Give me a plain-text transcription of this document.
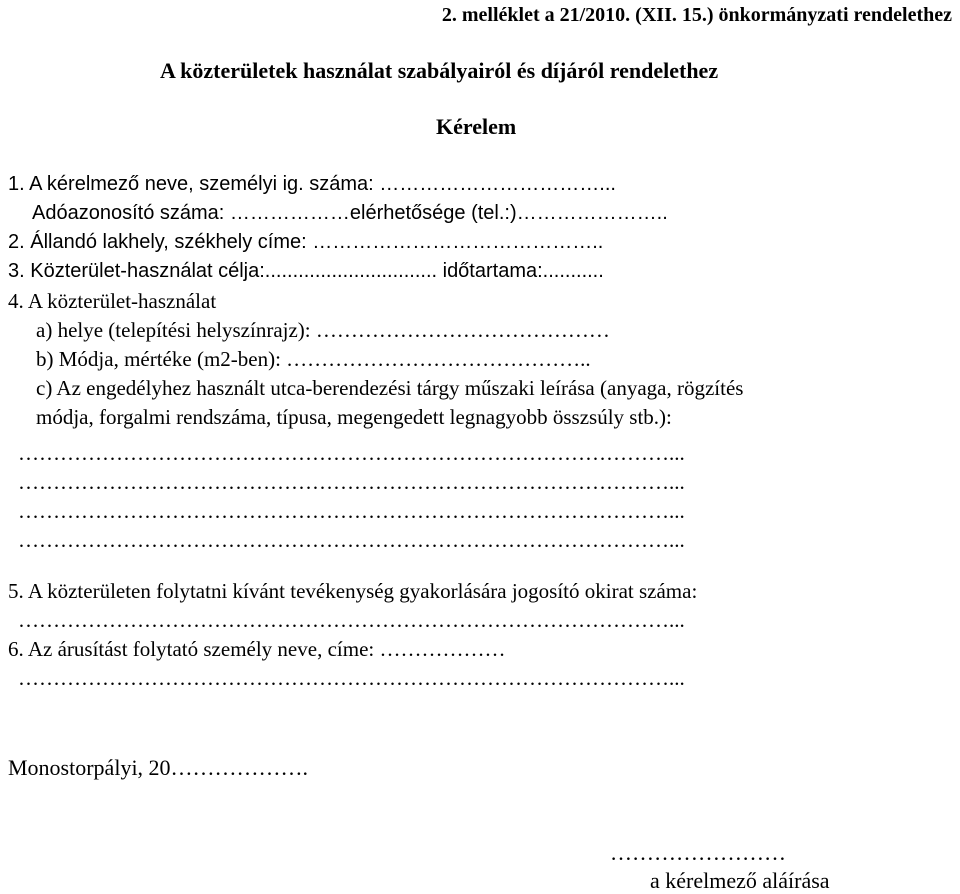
2. melléklet a 21/2010. (XII. 15.) önkormányzati rendelethez
A közterületek használat szabályairól és díjáról rendelethez
Kérelem
1. A kérelmező neve, személyi ig. száma: ……………………………...
Adóazonosító száma: ………………elérhetősége (tel.:)…………………..
2. Állandó lakhely, székhely címe: ……………………………………..
3. Közterület-használat célja:............................... időtartama:...........
4. A közterület-használat
a) helye (telepítési helyszínrajz): ……………………………………
b) Módja, mértéke (m2-ben): ……………………………………..
c) Az engedélyhez használt utca-berendezési tárgy műszaki leírása (anyaga, rögzítés
módja, forgalmi rendszáma, típusa, megengedett legnagyobb összsúly stb.):
…………………………………………………………………………………...
…………………………………………………………………………………...
…………………………………………………………………………………...
…………………………………………………………………………………...
5. A közterületen folytatni kívánt tevékenység gyakorlására jogosító okirat száma:
…………………………………………………………………………………...
6. Az árusítást folytató személy neve, címe: ………………
…………………………………………………………………………………...
Monostorpályi, 20……………….
……………………
a kérelmező aláírása
